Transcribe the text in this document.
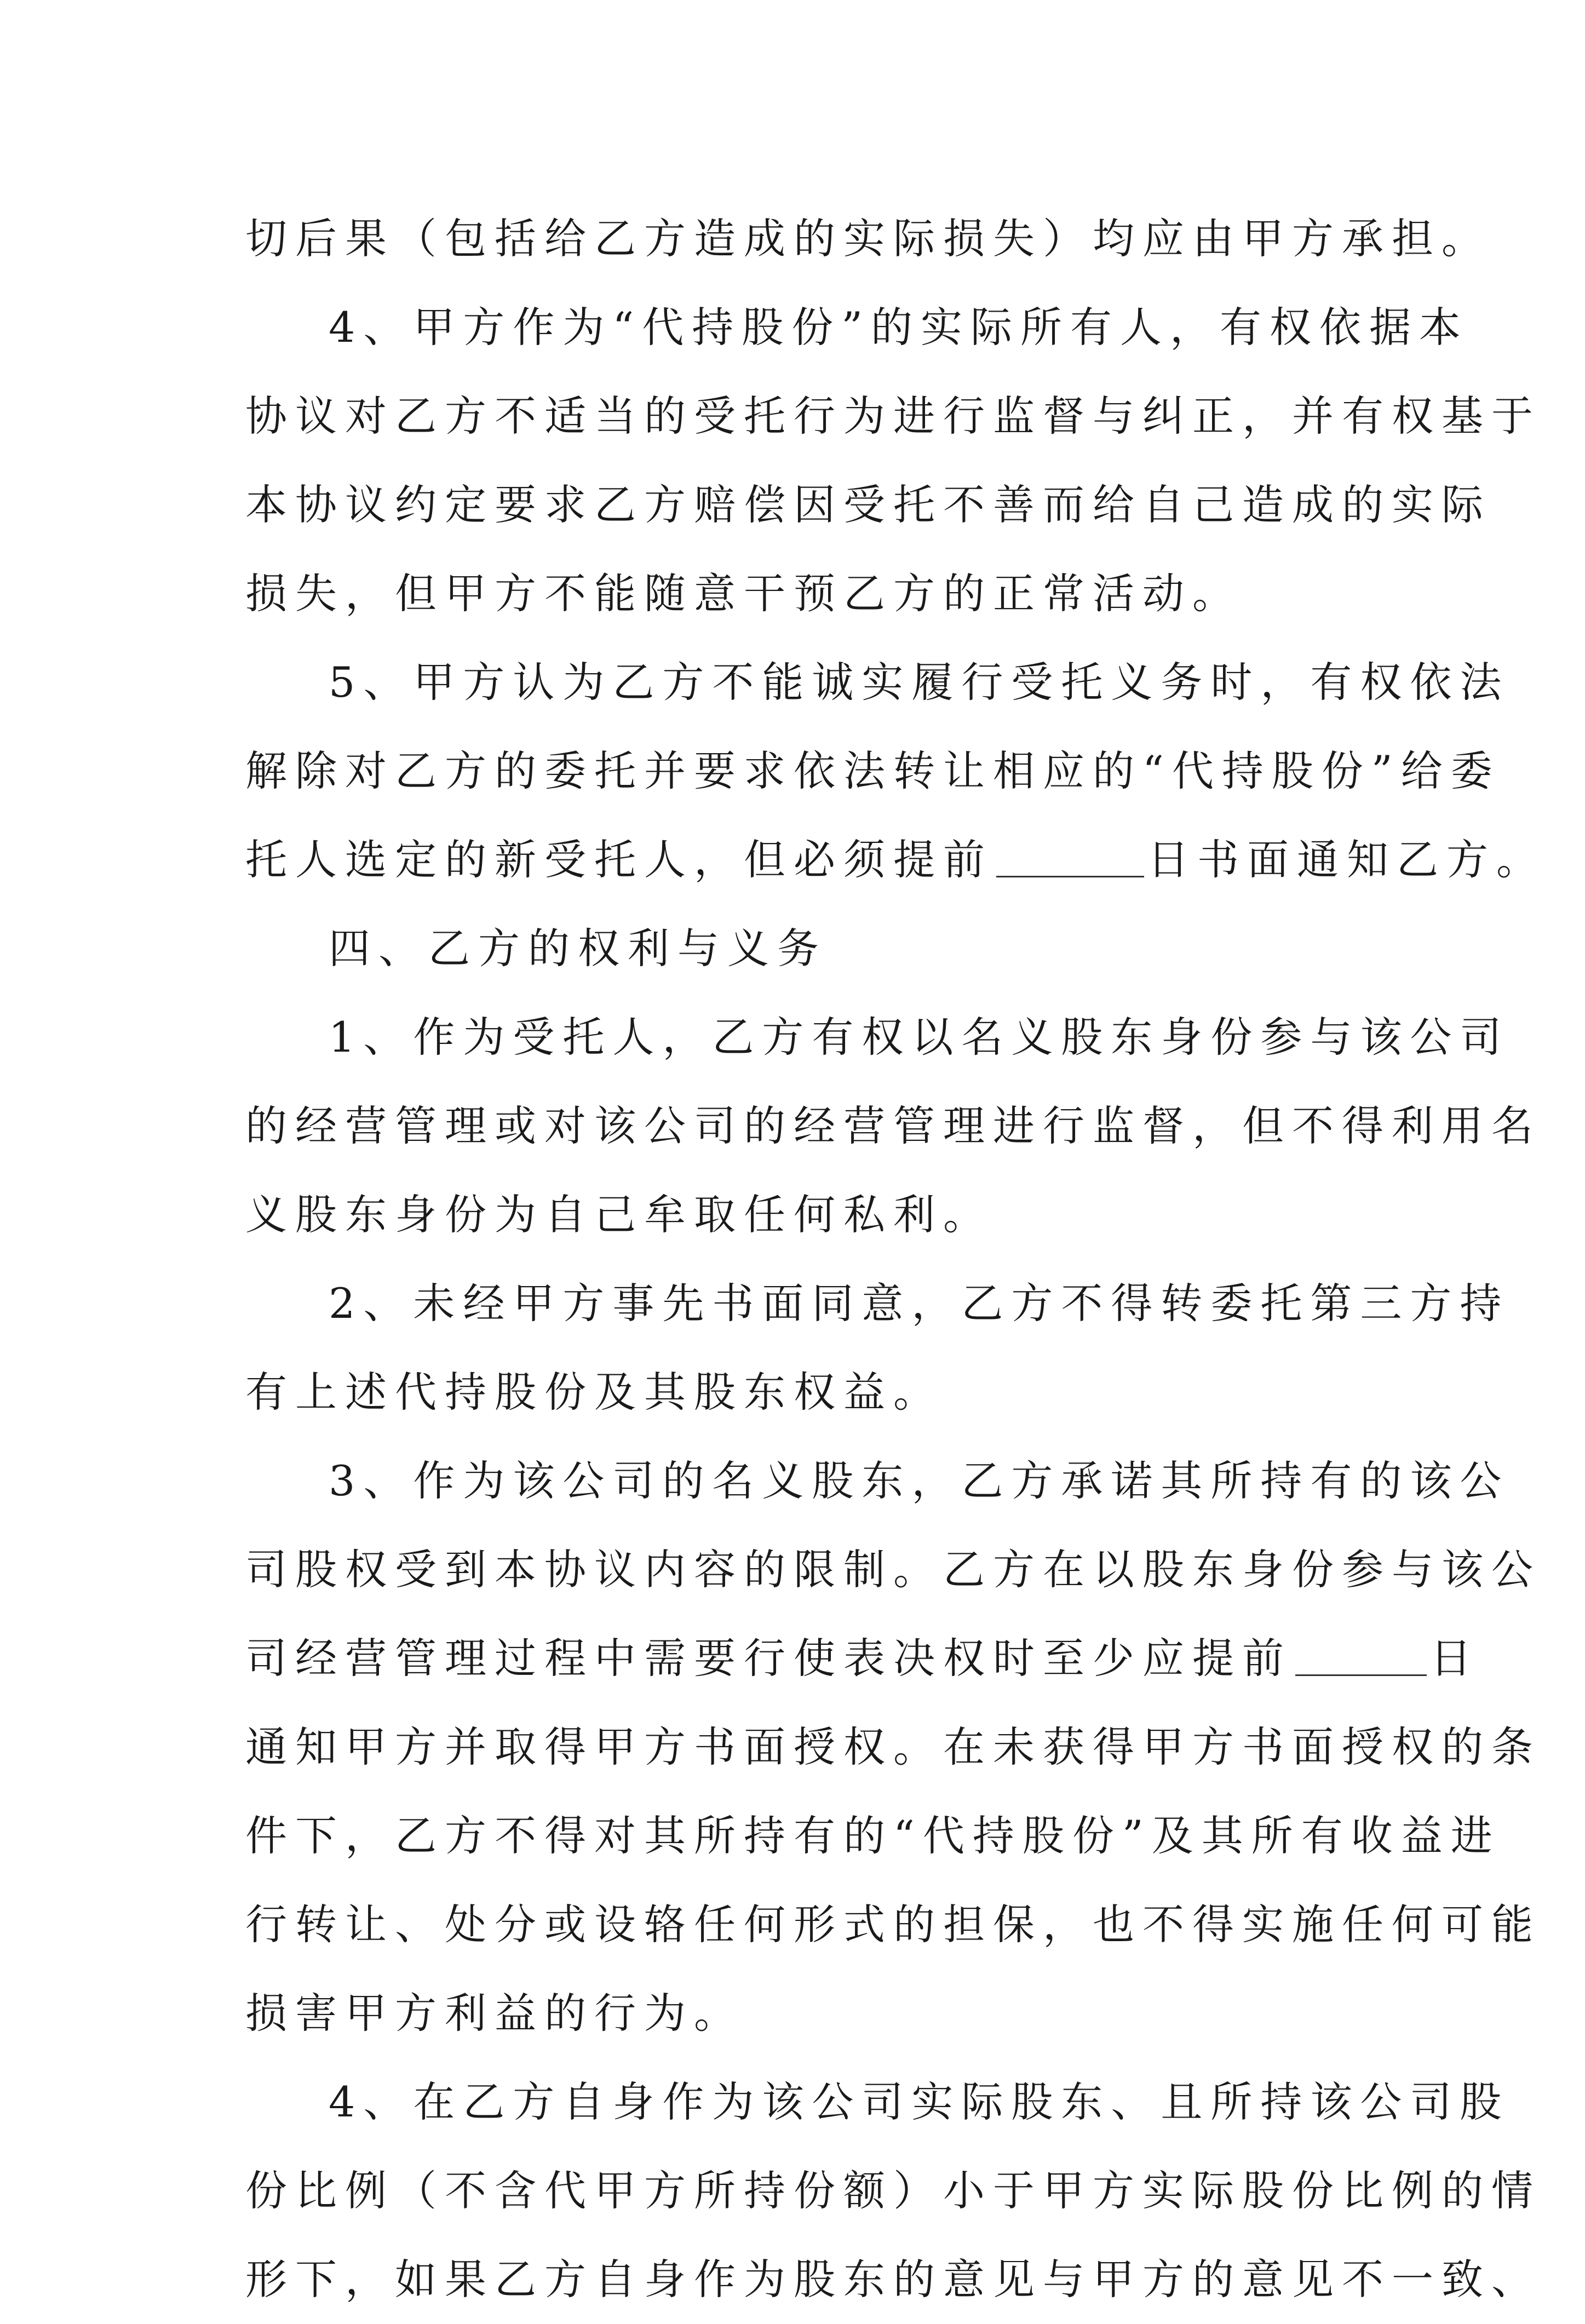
切后果（包括给乙方造成的实际损失）均应由甲方承担。
4、甲方作为“代持股份”的实际所有人，有权依据本
协议对乙方不适当的受托行为进行监督与纠正，并有权基于
本协议约定要求乙方赔偿因受托不善而给自己造成的实际
损失，但甲方不能随意干预乙方的正常活动。
5、甲方认为乙方不能诚实履行受托义务时，有权依法
解除对乙方的委托并要求依法转让相应的“代持股份”给委
托人选定的新受托人，但必须提前	日书面通知乙方。
四、乙方的权利与义务
1、作为受托人，乙方有权以名义股东身份参与该公司
的经营管理或对该公司的经营管理进行监督，但不得利用名
义股东身份为自己牟取任何私利。
2、未经甲方事先书面同意，乙方不得转委托第三方持
有上述代持股份及其股东权益。
3、作为该公司的名义股东，乙方承诺其所持有的该公
司股权受到本协议内容的限制。乙方在以股东身份参与该公
司经营管理过程中需要行使表决权时至少应提前	日
通知甲方并取得甲方书面授权。在未获得甲方书面授权的条
件下，乙方不得对其所持有的“代持股份”及其所有收益进
行转让、处分或设辂任何形式的担保，也不得实施任何可能
损害甲方利益的行为。
4、在乙方自身作为该公司实际股东、且所持该公司股
份比例（不含代甲方所持份额）小于甲方实际股份比例的情
形下，如果乙方自身作为股东的意见与甲方的意见不一致、
